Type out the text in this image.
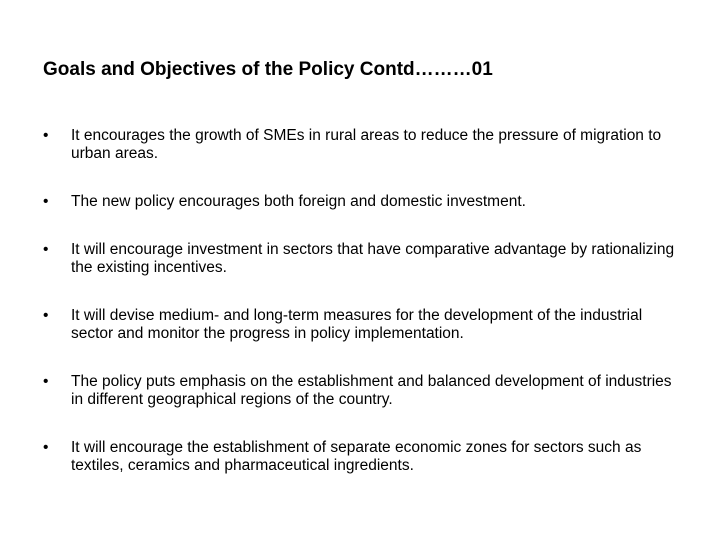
Goals and Objectives of the Policy Contd………01
•	It encourages the growth of SMEs in rural areas to reduce the pressure of migration to urban areas.
•	The new policy encourages both foreign and domestic investment.
•	It will encourage investment in sectors that have comparative advantage by rationalizing the existing incentives.
•	It will devise medium- and long-term measures for the development of the industrial sector and monitor the progress in policy implementation.
•	The policy puts emphasis on the establishment and balanced development of industries in different geographical regions of the country.
•	It will encourage the establishment of separate economic zones for sectors such as textiles, ceramics and pharmaceutical ingredients.
